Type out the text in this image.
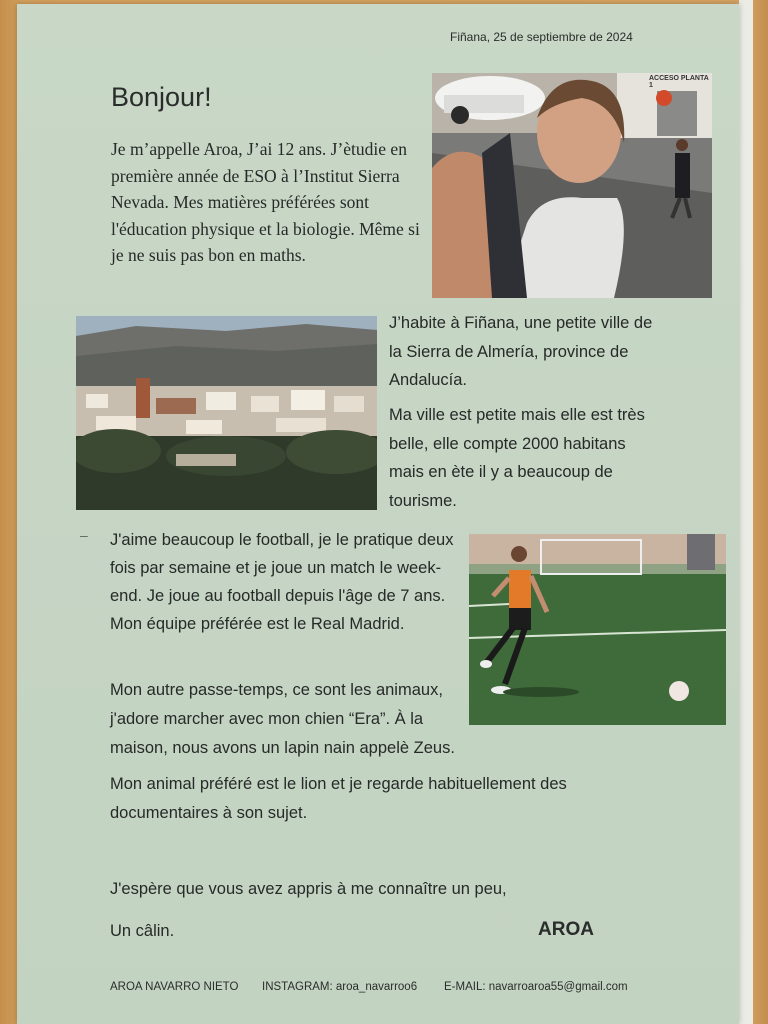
Fiñana, 25 de septiembre de 2024

Bonjour!

Je m’appelle Aroa, J’ai 12 ans. J’ètudie en première année de ESO à l’Institut Sierra Nevada. Mes matières préférées sont l'éducation physique et la biologie. Même si je ne suis pas bon en maths.

ACCESO PLANTA 1

J’habite à Fiñana, une petite ville de la Sierra de Almería, province de Andalucía.

Ma ville est petite mais elle est très belle, elle compte 2000 habitans mais en ète il y a beaucoup de tourisme.

– J'aime beaucoup le football, je le pratique deux fois par semaine et je joue un match le week-end. Je joue au football depuis l'âge de 7 ans. Mon équipe préférée est le Real Madrid.

Mon autre passe-temps, ce sont les animaux, j'adore marcher avec mon chien “Era”. À la maison, nous avons un lapin nain appelè Zeus.

Mon animal préféré est le lion et je regarde habituellement des documentaires à son sujet.

J'espère que vous avez appris à me connaître un peu,

Un câlin.	AROA

AROA NAVARRO NIETO INSTAGRAM: aroa_navarroo6 E-MAIL: navarroaroa55@gmail.com
